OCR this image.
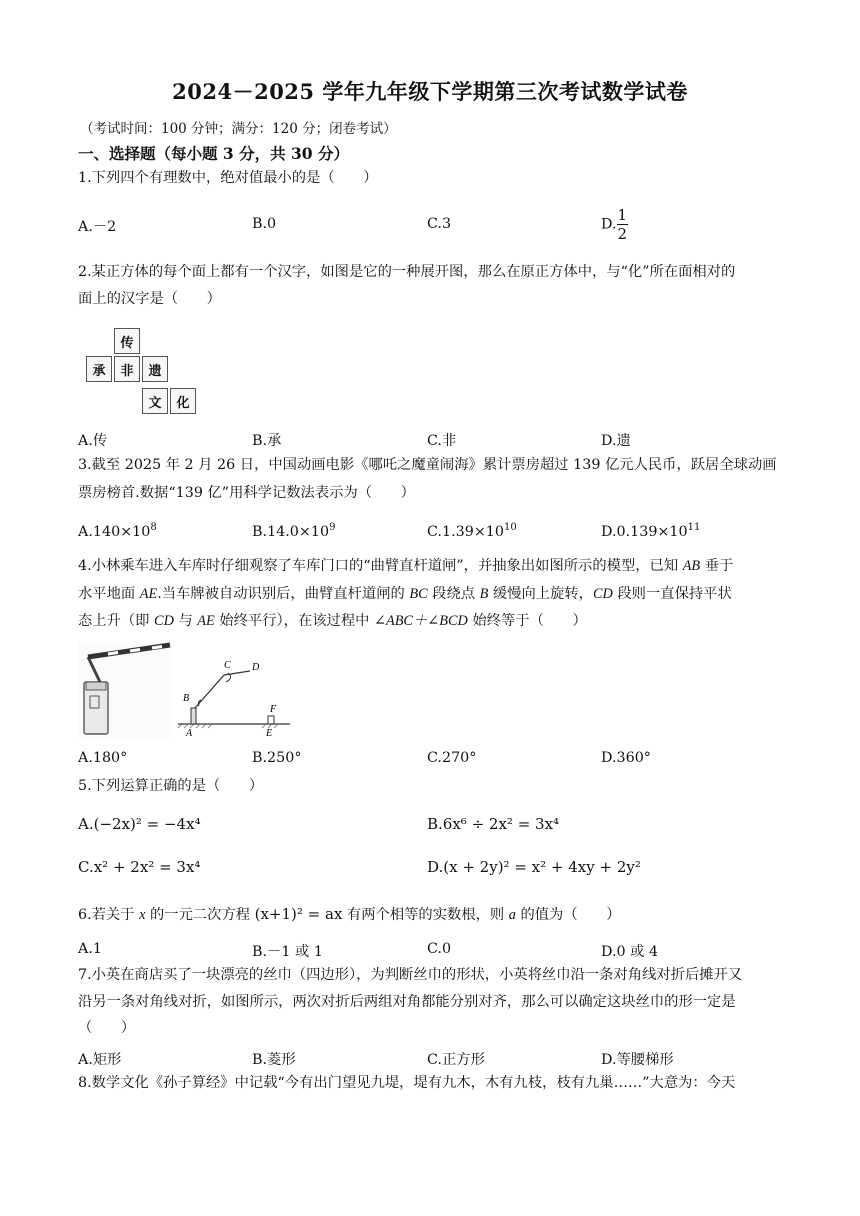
2024－2025 学年九年级下学期第三次考试数学试卷
（考试时间：100 分钟；满分：120 分；闭卷考试）
一、选择题（每小题 3 分，共 30 分）
1.下列四个有理数中，绝对值最小的是（　　）
A.－2	B.0	C.3	D. $\frac{1}{2}$
2.某正方体的每个面上都有一个汉字，如图是它的一种展开图，那么在原正方体中，与“化”所在面相对的
面上的汉字是（　　）
传
承	非	遗
文	化
A.传	B.承	C.非	D.遗
3.截至 2025 年 2 月 26 日，中国动画电影《哪吒之魔童闹海》累计票房超过 139 亿元人民币，跃居全球动画
票房榜首.数据“139 亿”用科学记数法表示为（　　）
$A.140\times 10^8$	$B.14.0\times 10^9$	$C.1.39\times 10^{10}$	$D.0.139\times 10^{11}$
4.小林乘车进入车库时仔细观察了车库门口的“曲臂直杆道闸”，并抽象出如图所示的模型，已知 AB 垂于
水平地面 AE.当车牌被自动识别后，曲臂直杆道闸的 BC 段绕点 B 缓慢向上旋转，CD 段则一直保持平状
态上升（即 CD 与 AE 始终平行），在该过程中 ∠ABC＋∠BCD 始终等于（　　）
B
A
C D
E
F
A.180°	B.250°	C.270°	D.360°
5.下列运算正确的是（　　）
A.(−2x)² = −4x⁴	B.6x⁶ ÷ 2x² = 3x⁴
C.x² + 2x² = 3x⁴	D.(x + 2y)² = x² + 4xy + 2y²
6.若关于 x 的一元二次方程 (x+1)² = ax 有两个相等的实数根，则 a 的值为（　　）
A.1	B.－1 或 1	C.0	D.0 或 4
7.小英在商店买了一块漂亮的丝巾（四边形），为判断丝巾的形状，小英将丝巾沿一条对角线对折后摊开又
沿另一条对角线对折，如图所示，两次对折后两组对角都能分别对齐，那么可以确定这块丝巾的形一定是
（　　）
A.矩形	B.菱形	C.正方形	D.等腰梯形
8.数学文化《孙子算经》中记载“今有出门望见九堤，堤有九木，木有九枝，枝有九巢……”大意为：今天
